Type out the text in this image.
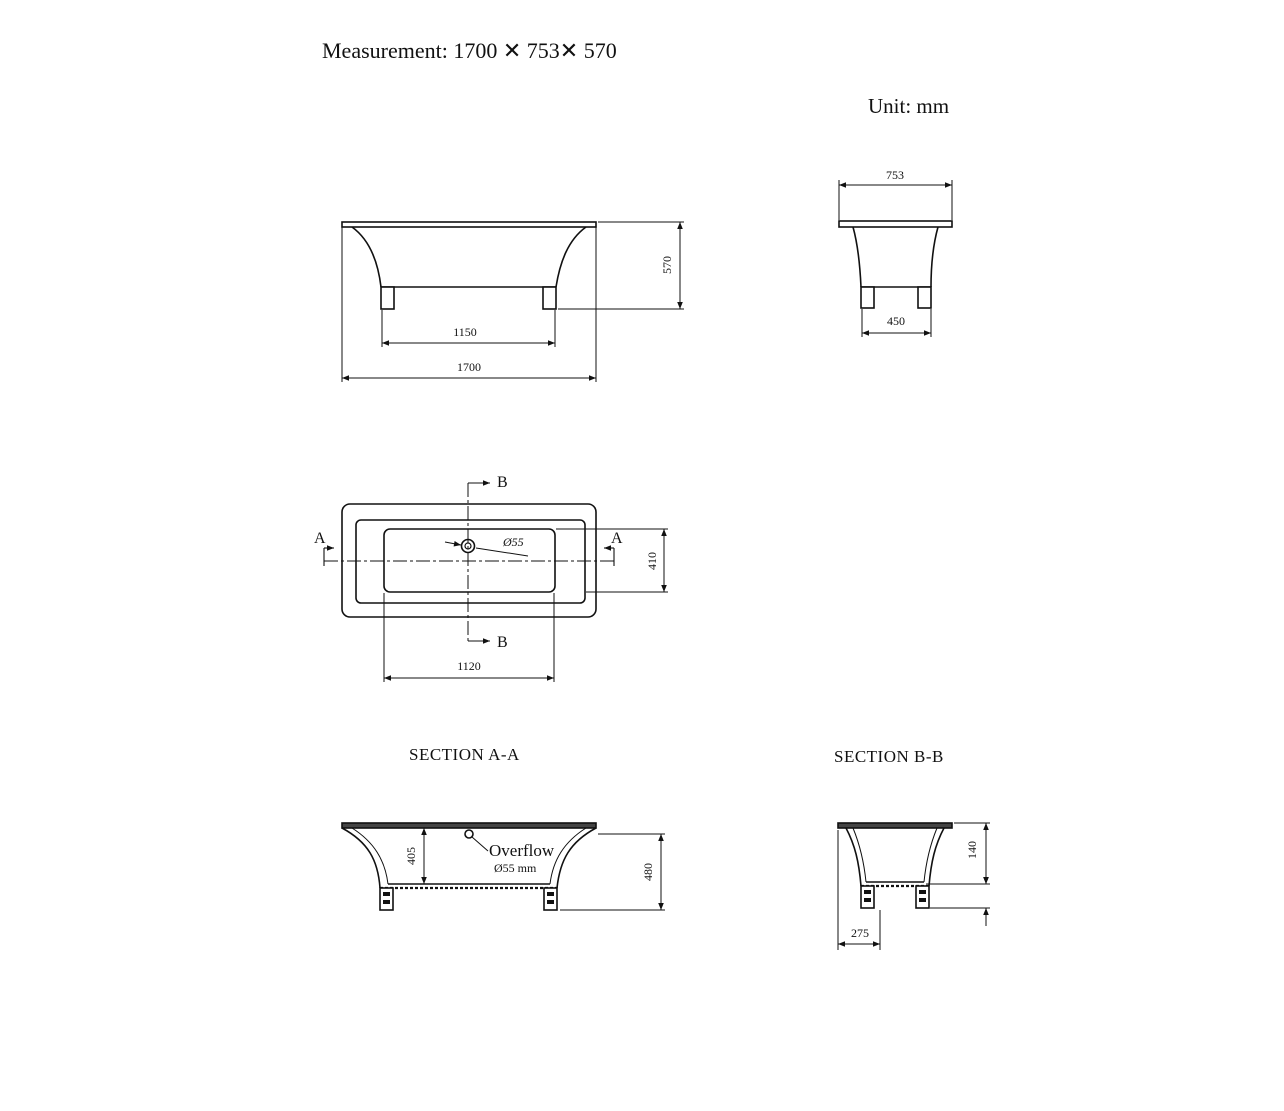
Measurement: 1700 ✕ 753✕ 570
Unit: mm
SECTION A-A	SECTION B-B
1700
1150
570
753
450
A	A
B
B
Ø55
410
1120
Overflow
Ø55 mm
405
480
140
275
